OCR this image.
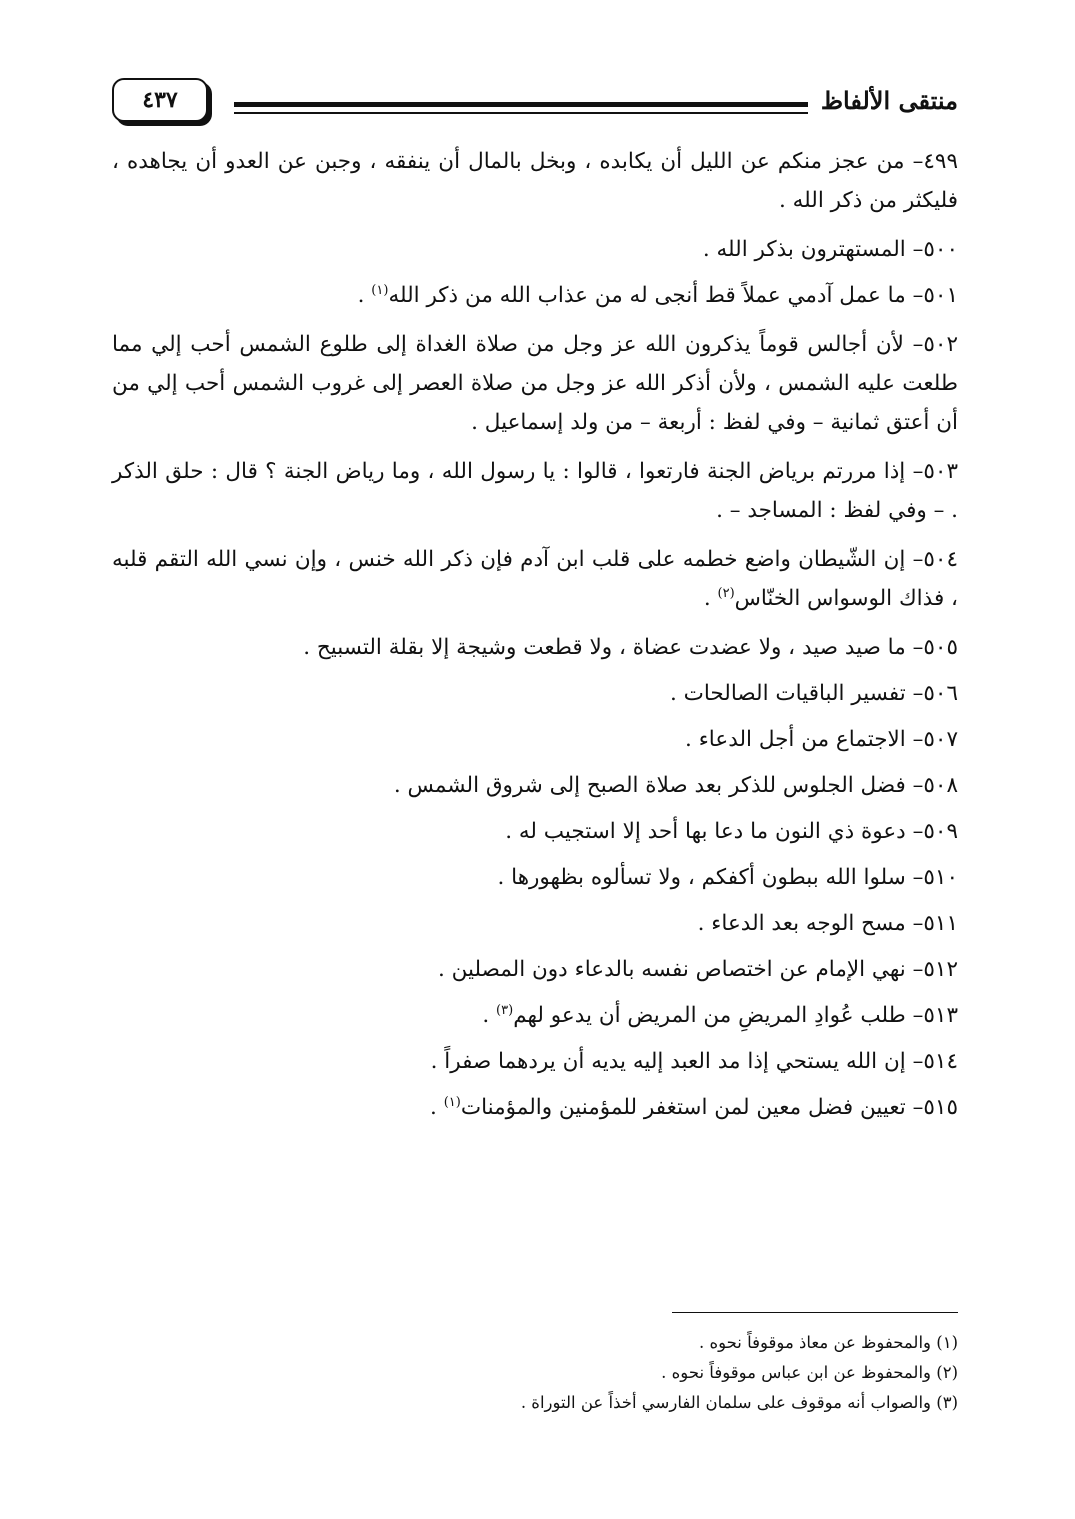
منتقى الألفاظ
٤٣٧

٤٩٩– من عجز منكم عن الليل أن يكابده ، وبخل بالمال أن ينفقه ، وجبن عن العدو أن يجاهده ، فليكثر من ذكر الله .

٥٠٠– المستهترون بذكر الله .

٥٠١– ما عمل آدمي عملاً قط أنجى له من عذاب الله من ذكر الله$^{(١)}$ .

٥٠٢– لأن أجالس قوماً يذكرون الله عز وجل من صلاة الغداة إلى طلوع الشمس أحب إلي مما طلعت عليه الشمس ، ولأن أذكر الله عز وجل من صلاة العصر إلى غروب الشمس أحب إلي من أن أعتق ثمانية – وفي لفظ : أربعة – من ولد إسماعيل .

٥٠٣– إذا مررتم برياض الجنة فارتعوا ، قالوا : يا رسول الله ، وما رياض الجنة ؟ قال : حلق الذكر . – وفي لفظ : المساجد – .

٥٠٤– إن الشّيطان واضع خطمه على قلب ابن آدم فإن ذكر الله خنس ، وإن نسي الله التقم قلبه ، فذاك الوسواس الخنّاس$^{(٢)}$ .

٥٠٥– ما صيد صيد ، ولا عضدت عضاة ، ولا قطعت وشيجة إلا بقلة التسبيح .

٥٠٦– تفسير الباقيات الصالحات .

٥٠٧– الاجتماع من أجل الدعاء .

٥٠٨– فضل الجلوس للذكر بعد صلاة الصبح إلى شروق الشمس .

٥٠٩– دعوة ذي النون ما دعا بها أحد إلا استجيب له .

٥١٠– سلوا الله ببطون أكفكم ، ولا تسألوه بظهورها .

٥١١– مسح الوجه بعد الدعاء .

٥١٢– نهي الإمام عن اختصاص نفسه بالدعاء دون المصلين .

٥١٣– طلب عُوادِ المريضِ من المريض أن يدعو لهم$^{(٣)}$ .

٥١٤– إن الله يستحي إذا مد العبد إليه يديه أن يردهما صفراً .

٥١٥– تعيين فضل معين لمن استغفر للمؤمنين والمؤمنات$^{(١)}$ .

(١) والمحفوظ عن معاذ موقوفاً نحوه .

(٢) والمحفوظ عن ابن عباس موقوفاً نحوه .

(٣) والصواب أنه موقوف على سلمان الفارسي أخذاً عن التوراة .
